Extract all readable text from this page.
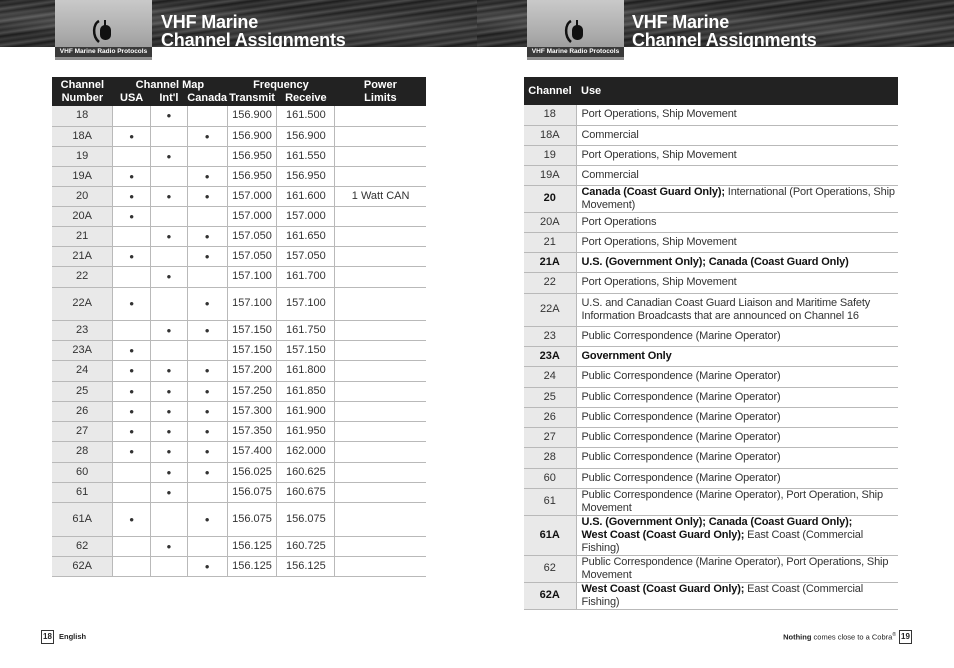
VHF Marine Radio Protocols
VHF Marine
Channel Assignments
Channel	Channel Map			Frequency		Power
Number	USA	Int'l	Canada	Transmit	Receive	Limits
18		•		156.900	161.500	
18A	•		•	156.900	156.900	
19		•		156.950	161.550	
19A	•		•	156.950	156.950	
20	•	•	•	157.000	161.600	1 Watt CAN
20A	•			157.000	157.000	
21		•	•	157.050	161.650	
21A	•		•	157.050	157.050	
22		•		157.100	161.700	
22A	•		•	157.100	157.100	
23		•	•	157.150	161.750	
23A	•			157.150	157.150	
24	•	•	•	157.200	161.800	
25	•	•	•	157.250	161.850	
26	•	•	•	157.300	161.900	
27	•	•	•	157.350	161.950	
28	•	•	•	157.400	162.000	
60		•	•	156.025	160.625	
61		•		156.075	160.675	
61A	•		•	156.075	156.075	
62		•		156.125	160.725	
62A			•	156.125	156.125	
18 English
VHF Marine Radio Protocols
VHF Marine
Channel Assignments
Channel	Use
18	Port Operations, Ship Movement
18A	Commercial
19	Port Operations, Ship Movement
19A	Commercial
20	Canada (Coast Guard Only); International (Port Operations, Ship Movement)
20A	Port Operations
21	Port Operations, Ship Movement
21A	U.S. (Government Only); Canada (Coast Guard Only)
22	Port Operations, Ship Movement
22A	U.S. and Canadian Coast Guard Liaison and Maritime Safety Information Broadcasts that are announced on Channel 16
23	Public Correspondence (Marine Operator)
23A	Government Only
24	Public Correspondence (Marine Operator)
25	Public Correspondence (Marine Operator)
26	Public Correspondence (Marine Operator)
27	Public Correspondence (Marine Operator)
28	Public Correspondence (Marine Operator)
60	Public Correspondence (Marine Operator)
61	Public Correspondence (Marine Operator), Port Operation, Ship Movement
61A	U.S. (Government Only); Canada (Coast Guard Only);
West Coast (Coast Guard Only); East Coast (Commercial Fishing)
62	Public Correspondence (Marine Operator), Port Operations, Ship Movement
62A	West Coast (Coast Guard Only); East Coast (Commercial Fishing)
19
Nothing comes close to a Cobra®
